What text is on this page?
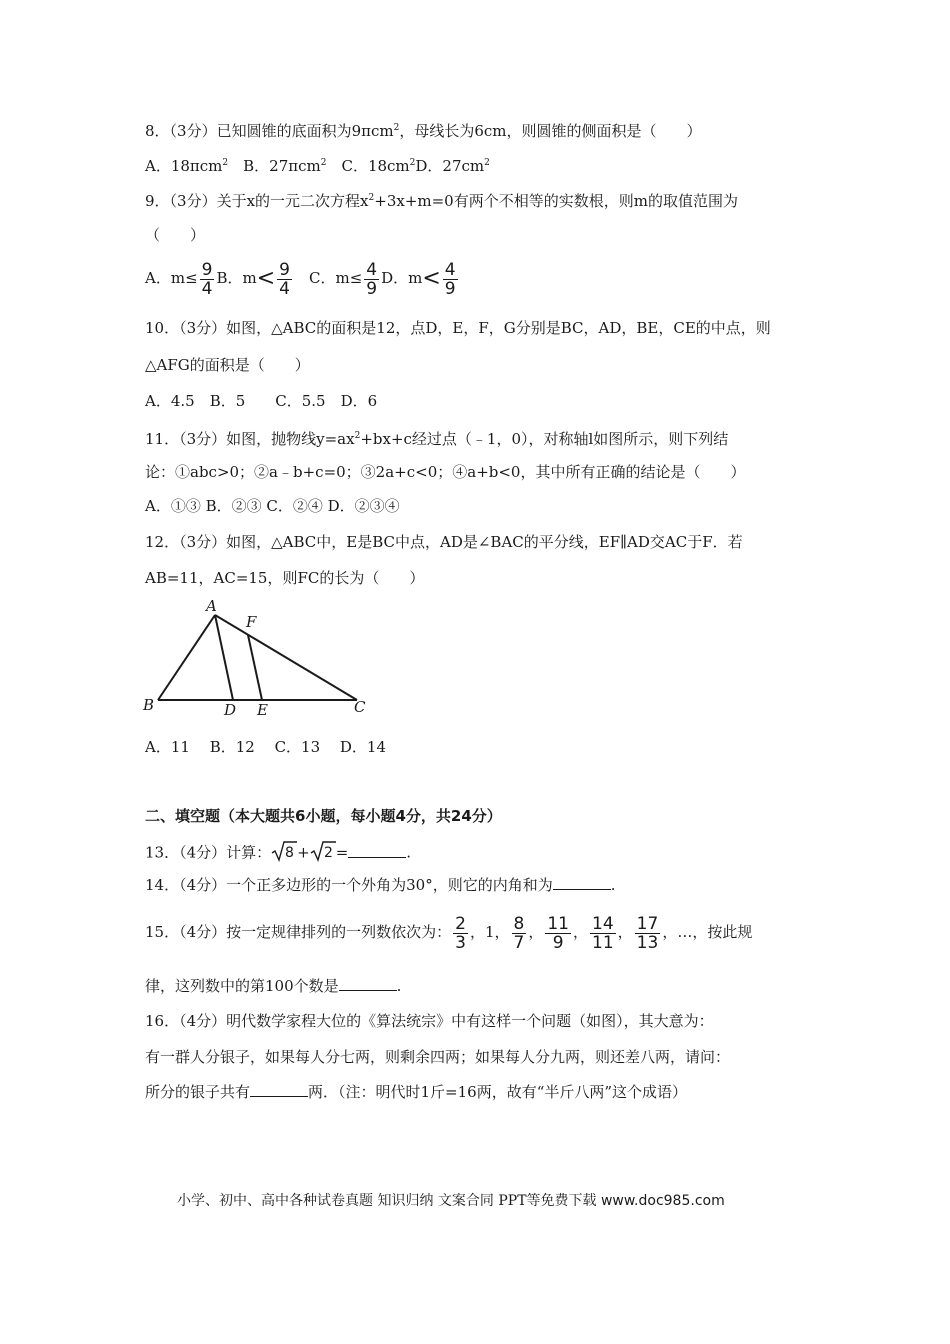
8．（3分）已知圆锥的底面积为9πcm$^2$，母线长为6cm，则圆锥的侧面积是（　　）
A．18πcm$^2$　B．27πcm$^2$　C．$18cm^2D$．$27cm^2$
9．（3分）关于x的一元二次方程$x^2+3x+m=0$有两个不相等的实数根，则m的取值范围为
（　　）
A．$m\le \frac{9}{4}$ B．$m< \frac{9}{4}$ 　C．$m\le \frac{4}{9}$ D．$m< \frac{4}{9}$
10．（3分）如图，△ABC的面积是12，点D，E，F，G分别是BC，AD，BE，CE的中点，则
△AFG的面积是（　　）
A．4.5　B．5　　C．5.5　D．6
11．（3分）如图，抛物线$y=ax^2+bx+c$经过点（﹣1，0），对称轴l如图所示，则下列结
论：①abc>0；②a﹣b+c=0；③2a+c<0；④a+b<0，其中所有正确的结论是（　　）
A．①③ B．②③ C．②④ D．②③④
12．（3分）如图，△ABC中，E是BC中点，AD是∠BAC的平分线，EF∥AD交AC于F．若
AB=11，AC=15，则FC的长为（　　）
A
B	C
D E
F
A．11　 B．12　 C．13　 D．14
二、填空题（本大题共6小题，每小题4分，共24分）
13．（4分）计算： 8 + 2 =	.
14．（4分）一个正多边形的一个外角为30°，则它的内角和为	.
15．（4分）按一定规律排列的一列数依次为： $\frac{2}{3}$ ，1， $\frac{8}{7}$ ， $\frac{11}{9}$ ， $\frac{14}{11}$ ， $\frac{17}{13}$ ，…，按此规
律，这列数中的第100个数是	.
16．（4分）明代数学家程大位的《算法统宗》中有这样一个问题（如图），其大意为：
有一群人分银子，如果每人分七两，则剩余四两；如果每人分九两，则还差八两，请问：
所分的银子共有	两．（注：明代时1斤=16两，故有“半斤八两”这个成语）
小学、初中、高中各种试卷真题 知识归纳 文案合同 PPT等免费下载 www.doc985.com
